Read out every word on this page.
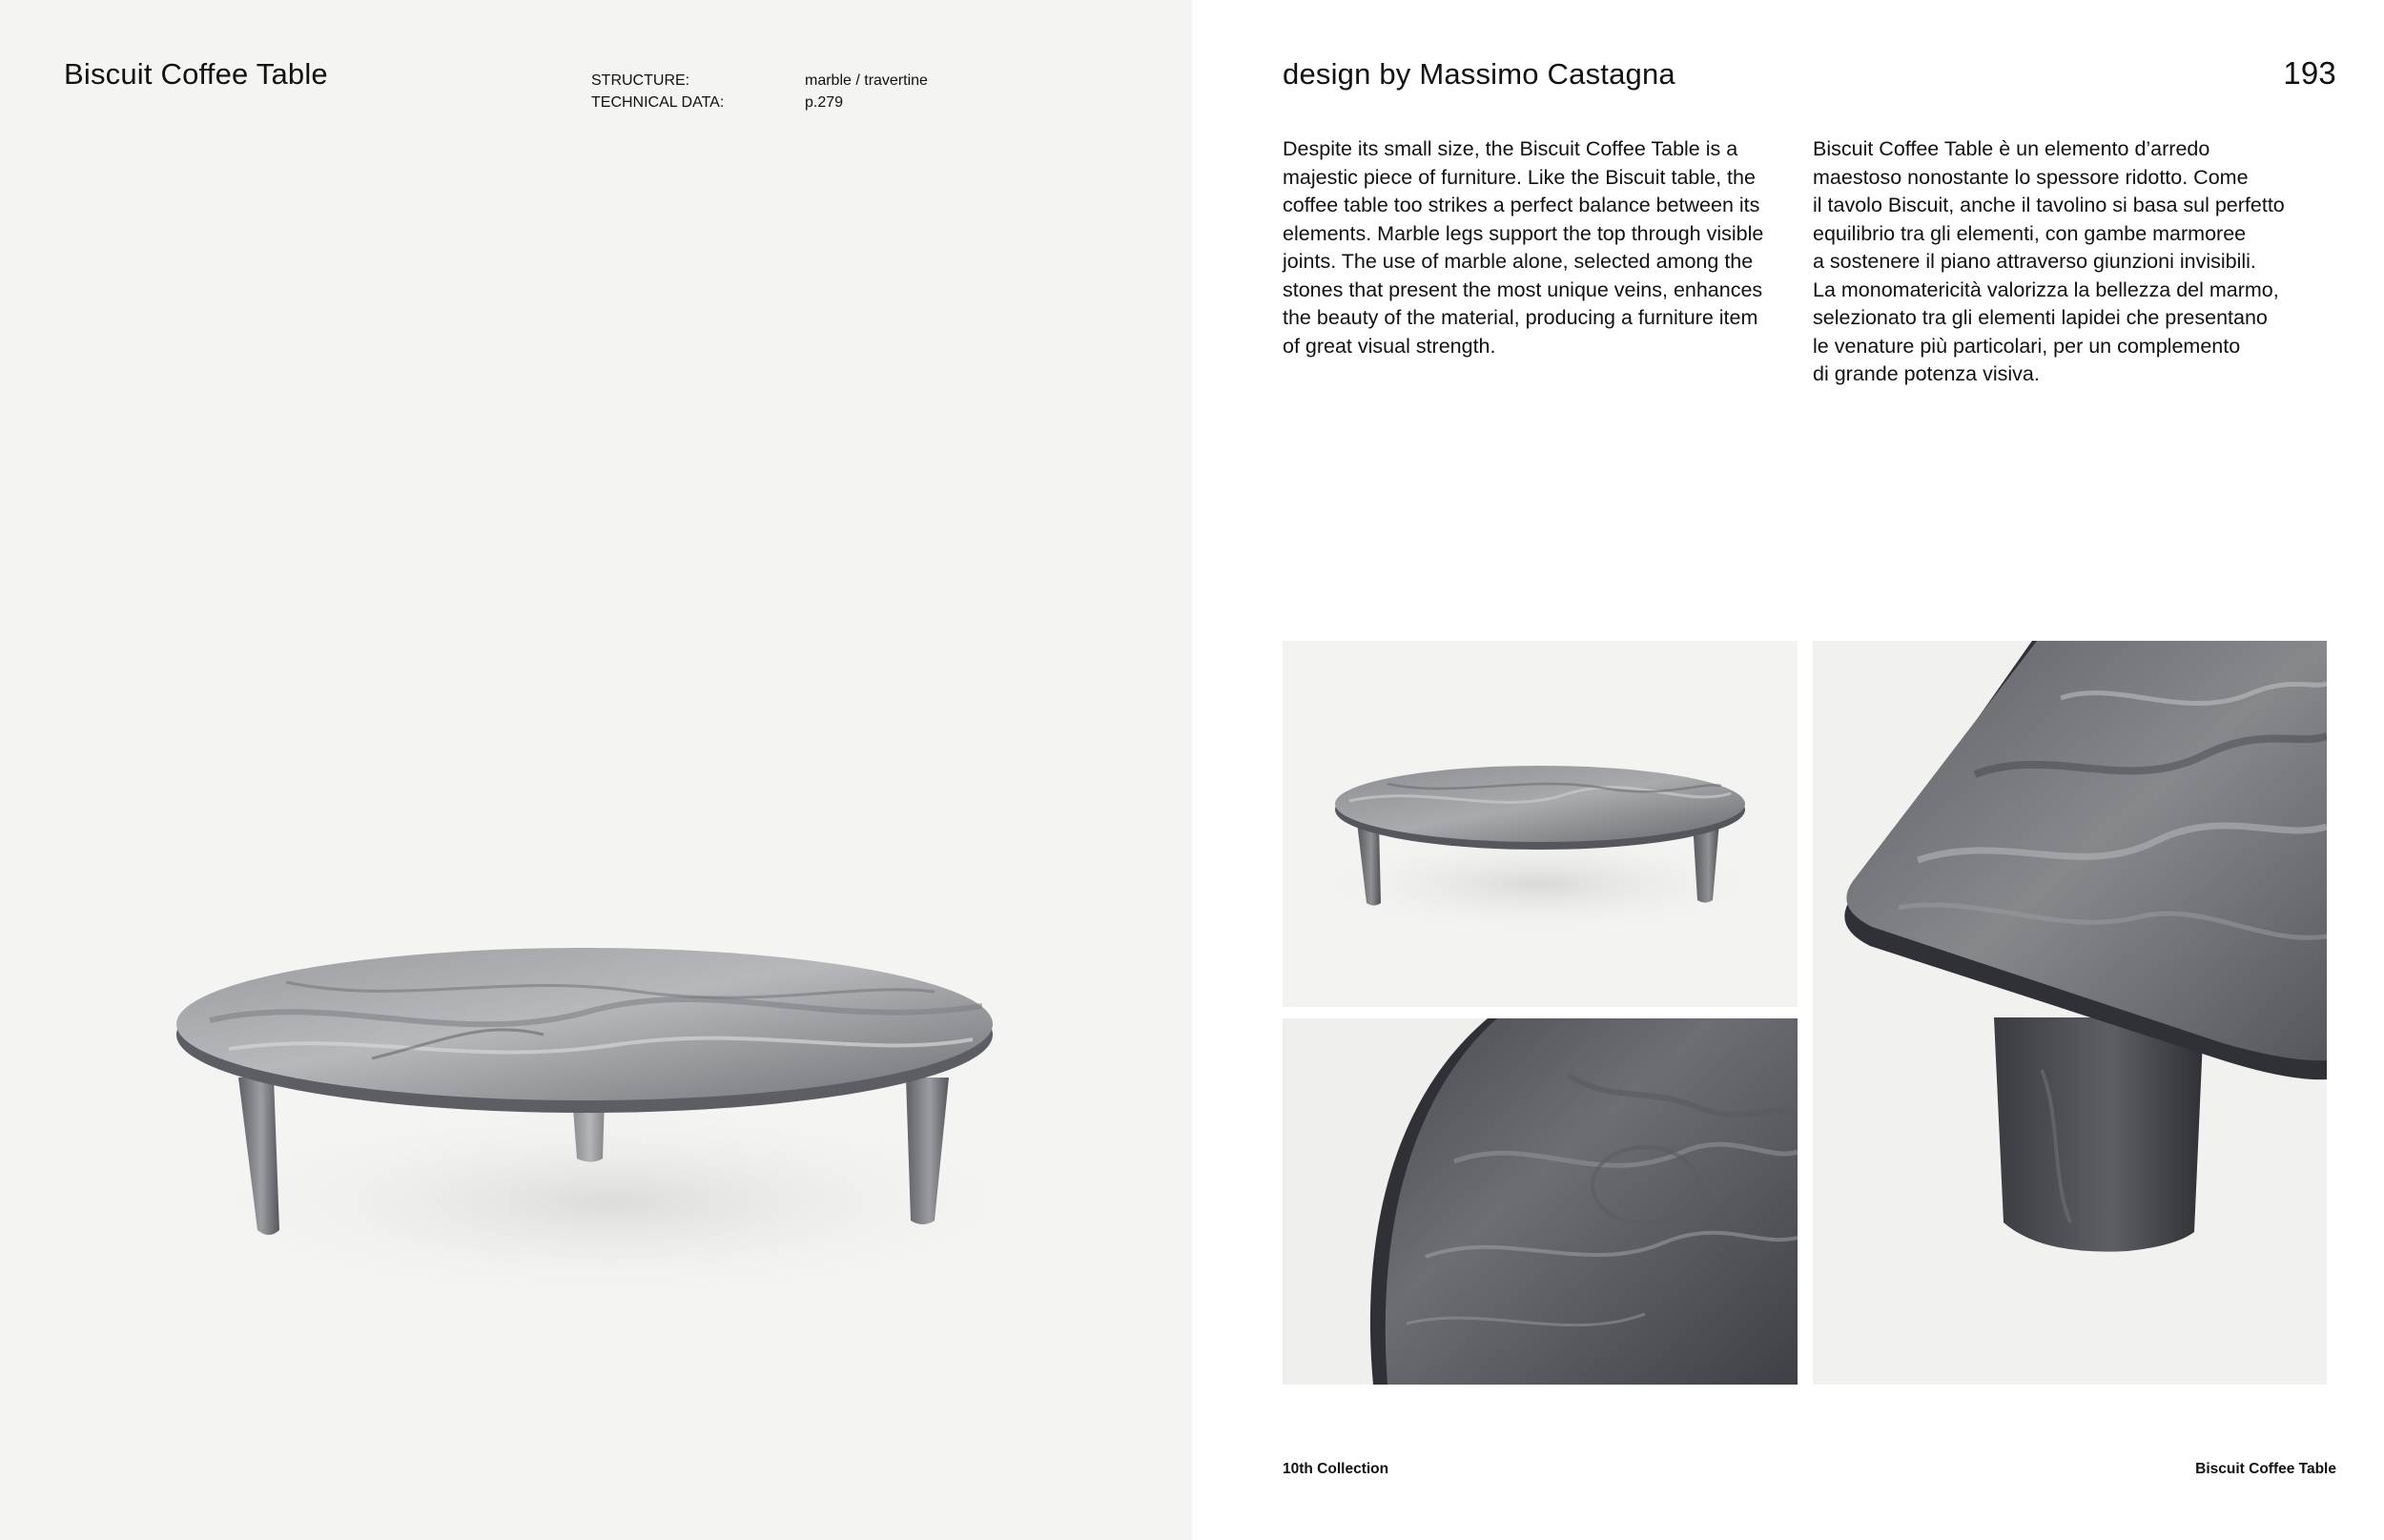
Biscuit Coffee Table	STRUCTURE:	marble / travertine
TECHNICAL DATA:	p.279
design by Massimo Castagna	193
Despite its small size, the Biscuit Coffee Table is a
majestic piece of furniture. Like the Biscuit table, the
coffee table too strikes a perfect balance between its
elements. Marble legs support the top through visible
joints. The use of marble alone, selected among the
stones that present the most unique veins, enhances
the beauty of the material, producing a furniture item
of great visual strength.
Biscuit Coffee Table è un elemento d’arredo
maestoso nonostante lo spessore ridotto. Come
il tavolo Biscuit, anche il tavolino si basa sul perfetto
equilibrio tra gli elementi, con gambe marmoree
a sostenere il piano attraverso giunzioni invisibili.
La monomatericità valorizza la bellezza del marmo,
selezionato tra gli elementi lapidei che presentano
le venature più particolari, per un complemento
di grande potenza visiva.
10th Collection	Biscuit Coffee Table
